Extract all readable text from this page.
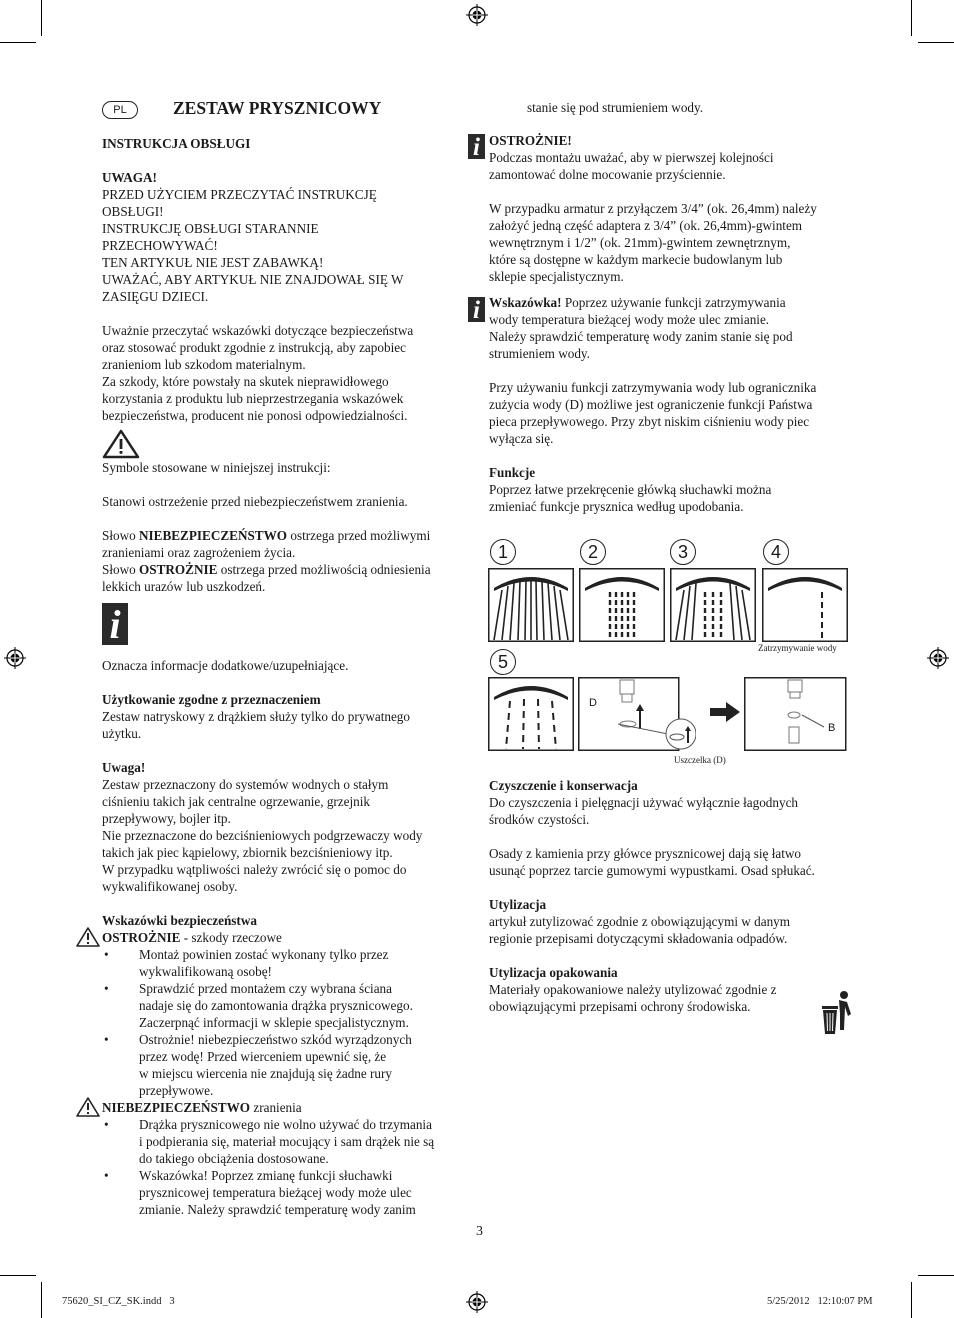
PL	ZESTAW PRYSZNICOWY

INSTRUKCJA OBSŁUGI

UWAGA!

PRZED UŻYCIEM PRZECZYTAĆ INSTRUKCJĘ

OBSŁUGI!

INSTRUKCJĘ OBSŁUGI STARANNIE

PRZECHOWYWAĆ!

TEN ARTYKUŁ NIE JEST ZABAWKĄ!

UWAŻAĆ, ABY ARTYKUŁ NIE ZNAJDOWAŁ SIĘ W

ZASIĘGU DZIECI.

Uważnie przeczytać wskazówki dotyczące bezpieczeństwa

oraz stosować produkt zgodnie z instrukcją, aby zapobiec

zranieniom lub szkodom materialnym.

Za szkody, które powstały na skutek nieprawidłowego

korzystania z produktu lub nieprzestrzegania wskazówek

bezpieczeństwa, producent nie ponosi odpowiedzialności.

Symbole stosowane w niniejszej instrukcji:

Stanowi ostrzeżenie przed niebezpieczeństwem zranienia.

Słowo NIEBEZPIECZEŃSTWO ostrzega przed możliwymi

zranieniami oraz zagrożeniem życia.

Słowo OSTROŻNIE ostrzega przed możliwością odniesienia

lekkich urazów lub uszkodzeń.

i

Oznacza informacje dodatkowe/uzupełniające.

Użytkowanie zgodne z przeznaczeniem

Zestaw natryskowy z drążkiem służy tylko do prywatnego

użytku.

Uwaga!

Zestaw przeznaczony do systemów wodnych o stałym

ciśnieniu takich jak centralne ogrzewanie, grzejnik

przepływowy, bojler itp.

Nie przeznaczone do bezciśnieniowych podgrzewaczy wody

takich jak piec kąpielowy, zbiornik bezciśnieniowy itp.

W przypadku wątpliwości należy zwrócić się o pomoc do

wykwalifikowanej osoby.

Wskazówki bezpieczeństwa

OSTROŻNIE - szkody rzeczowe

• Montaż powinien zostać wykonany tylko przez
wykwalifikowaną osobę!
• Sprawdzić przed montażem czy wybrana ściana
nadaje się do zamontowania drążka prysznicowego.
Zaczerpnąć informacji w sklepie specjalistycznym.
• Ostrożnie! niebezpieczeństwo szkód wyrządzonych
przez wodę! Przed wierceniem upewnić się, że
w miejscu wiercenia nie znajdują się żadne rury
przepływowe.

NIEBEZPIECZEŃSTWO zranienia

• Drążka prysznicowego nie wolno używać do trzymania
i podpierania się, materiał mocujący i sam drążek nie są
do takiego obciążenia dostosowane.
• Wskazówka! Poprzez zmianę funkcji słuchawki
prysznicowej temperatura bieżącej wody może ulec
zmianie. Należy sprawdzić temperaturę wody zanim

stanie się pod strumieniem wody.

i OSTROŻNIE!

Podczas montażu uważać, aby w pierwszej kolejności

zamontować dolne mocowanie przyściennie.

W przypadku armatur z przyłączem 3/4” (ok. 26,4mm) należy

założyć jedną część adaptera z 3/4” (ok. 26,4mm)-gwintem

wewnętrznym i 1/2” (ok. 21mm)-gwintem zewnętrznym,

które są dostępne w każdym markecie budowlanym lub

sklepie specjalistycznym.

i Wskazówka! Poprzez używanie funkcji zatrzymywania

wody temperatura bieżącej wody może ulec zmianie.

Należy sprawdzić temperaturę wody zanim stanie się pod

strumieniem wody.

Przy używaniu funkcji zatrzymywania wody lub ogranicznika

zużycia wody (D) możliwe jest ograniczenie funkcji Państwa

pieca przepływowego. Przy zbyt niskim ciśnieniu wody piec

wyłącza się.

Funkcje

Poprzez łatwe przekręcenie główką słuchawki można

zmieniać funkcje prysznica według upodobania.

1	2	3	4
Zatrzymywanie wody
5
D
B
Uszczelka (D)

Czyszczenie i konserwacja

Do czyszczenia i pielęgnacji używać wyłącznie łagodnych

środków czystości.

Osady z kamienia przy główce prysznicowej dają się łatwo

usunąć poprzez tarcie gumowymi wypustkami. Osad spłukać.

Utylizacja

artykuł zutylizować zgodnie z obowiązującymi w danym

regionie przepisami dotyczącymi składowania odpadów.

Utylizacja opakowania

Materiały opakowaniowe należy utylizować zgodnie z

obowiązującymi przepisami ochrony środowiska.

3
75620_SI_CZ_SK.indd   3	5/25/2012   12:10:07 PM
